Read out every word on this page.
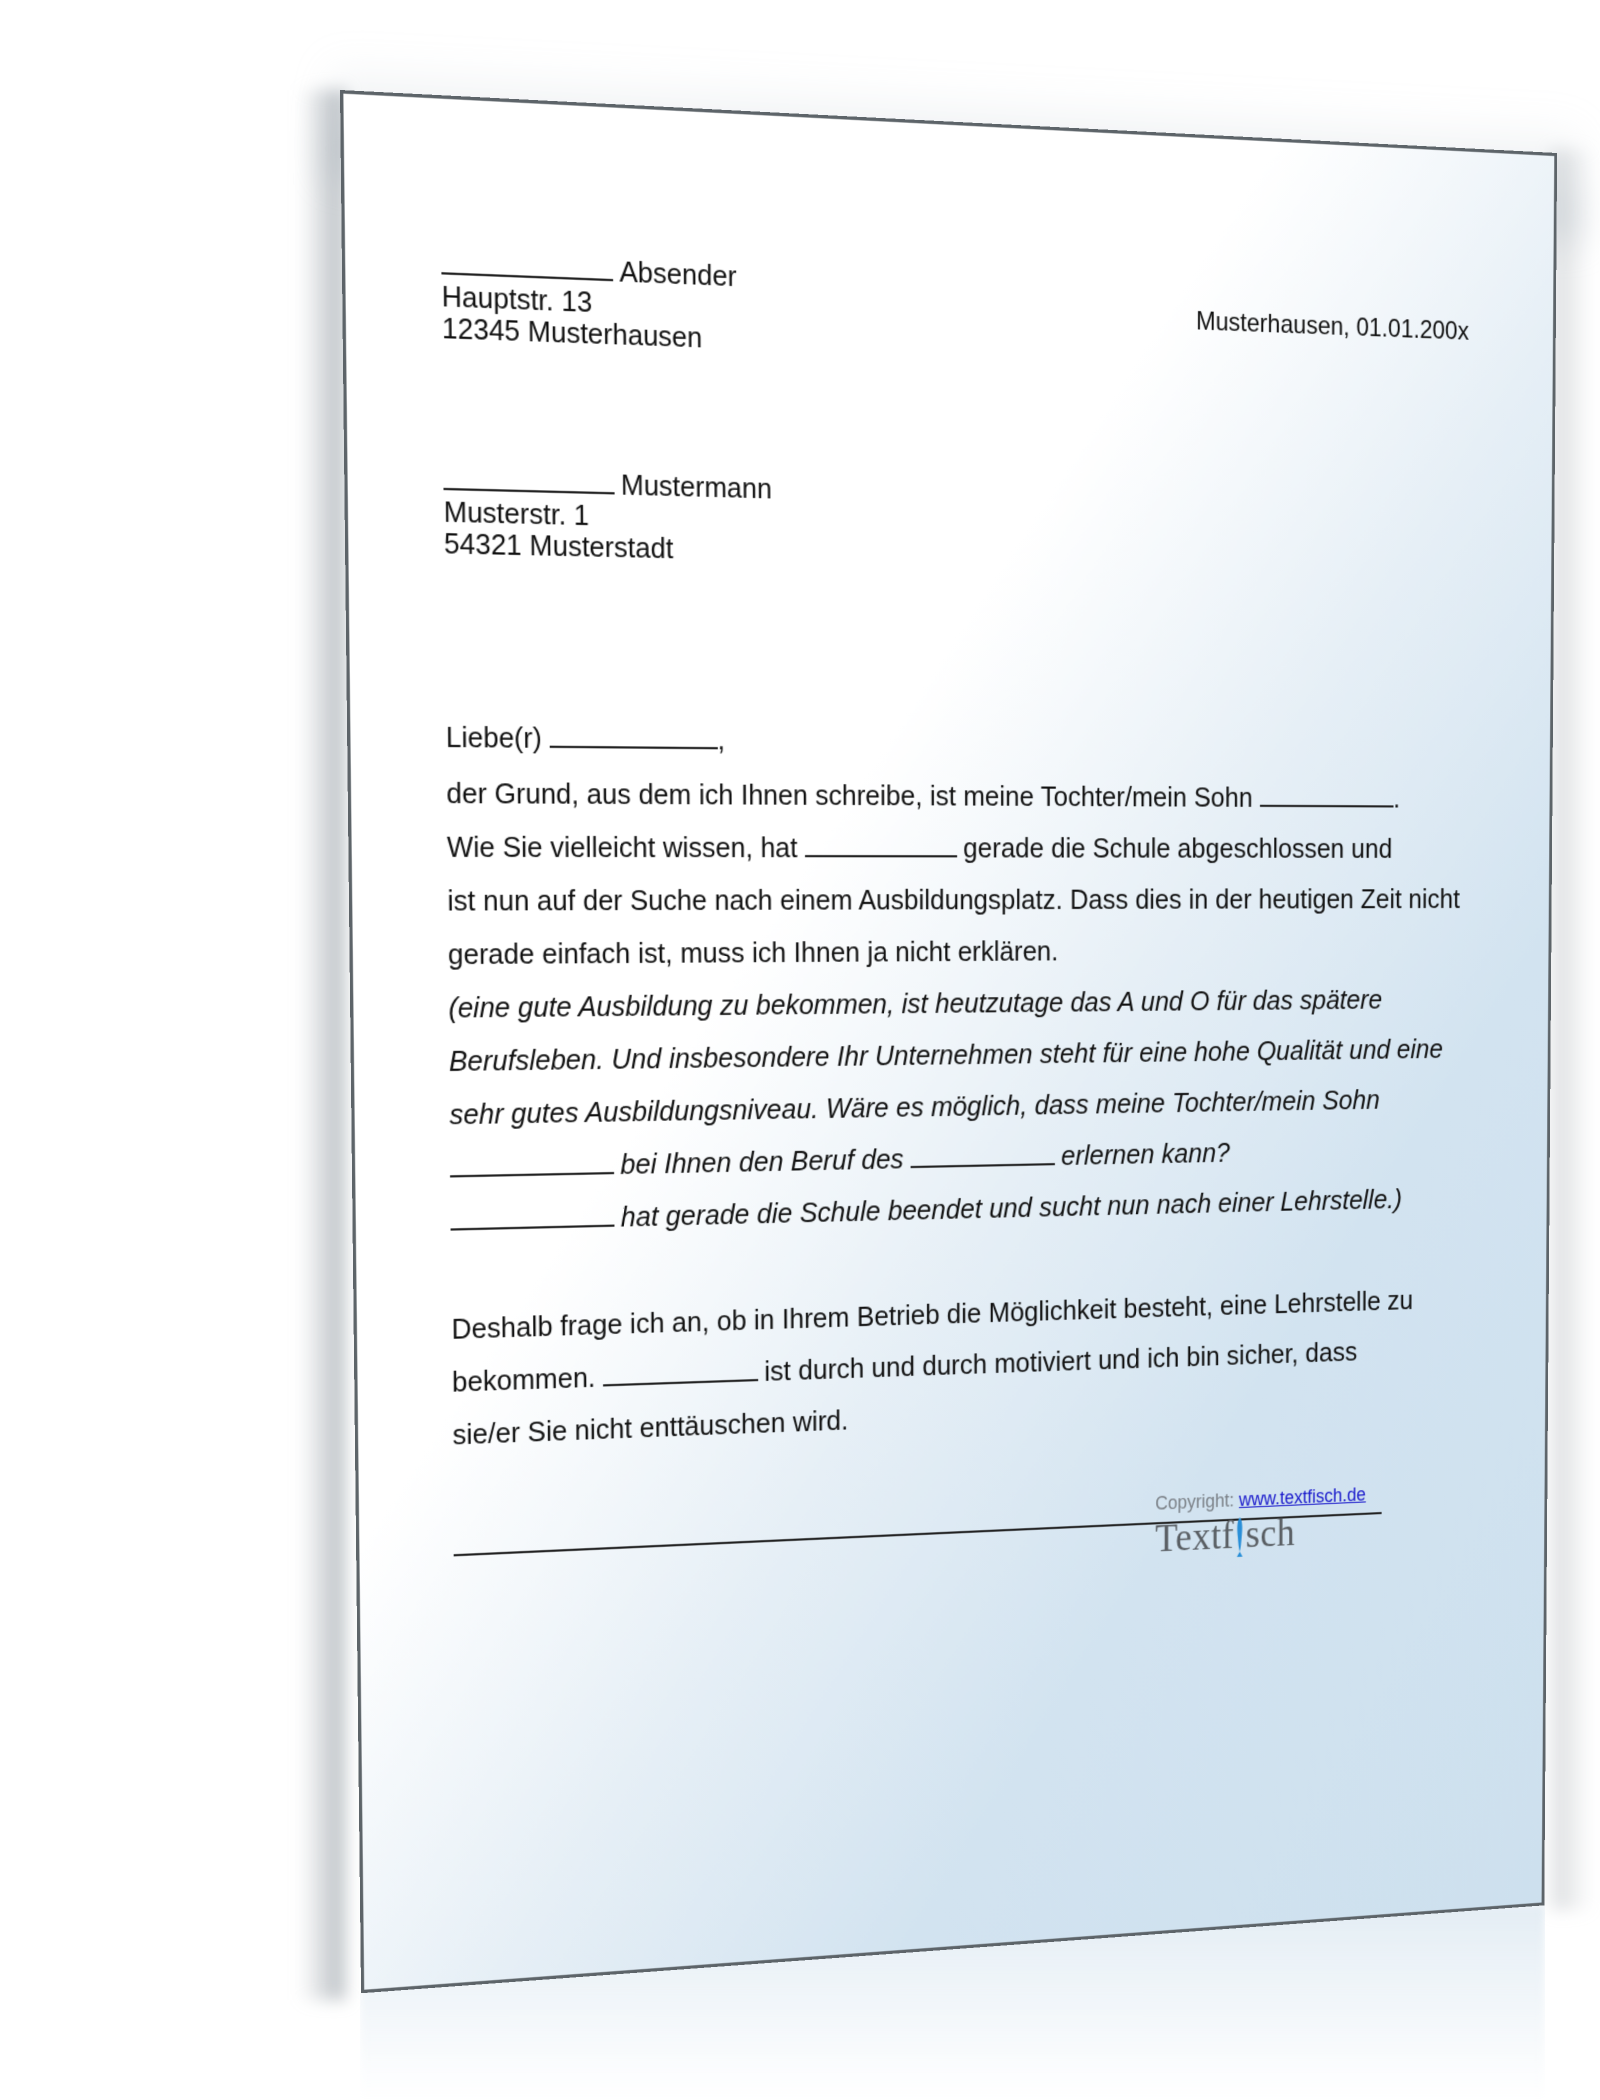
Absender
Hauptstr. 13
12345 Musterhausen	Musterhausen, 01.01.200x
Mustermann
Musterstr. 1
54321 Musterstadt
Liebe(r)	,
der Grund, aus dem ich Ihnen schreibe, ist meine Tochter/mein Sohn	.
Wie Sie vielleicht wissen, hat	gerade die Schule abgeschlossen und
ist nun auf der Suche nach einem Ausbildungsplatz. Dass dies in der heutigen Zeit nicht
gerade einfach ist, muss ich Ihnen ja nicht erklären.
(eine gute Ausbildung zu bekommen, ist heutzutage das A und O für das spätere
Berufsleben. Und insbesondere Ihr Unternehmen steht für eine hohe Qualität und eine
sehr gutes Ausbildungsniveau. Wäre es möglich, dass meine Tochter/mein Sohn
bei Ihnen den Beruf des	erlernen kann?
hat gerade die Schule beendet und sucht nun nach einer Lehrstelle.)
Deshalb frage ich an, ob in Ihrem Betrieb die Möglichkeit besteht, eine Lehrstelle zu
bekommen.	ist durch und durch motiviert und ich bin sicher, dass
sie/er Sie nicht enttäuschen wird.
Copyright: www.textfisch.de
Textf sch
